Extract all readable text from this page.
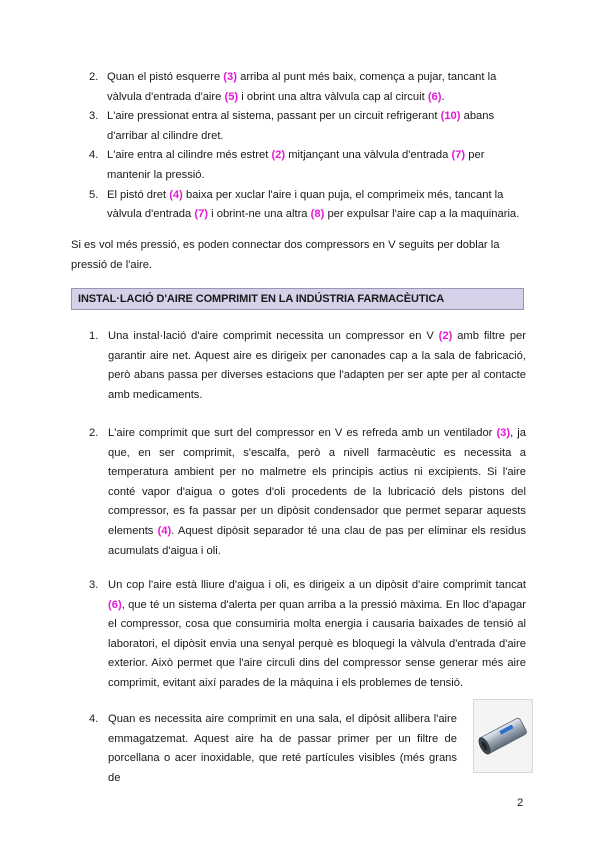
2. Quan el pistó esquerre (3) arriba al punt més baix, comença a pujar, tancant la vàlvula d'entrada d'aire (5) i obrint una altra vàlvula cap al circuit (6).
3. L'aire pressionat entra al sistema, passant per un circuit refrigerant (10) abans d'arribar al cilindre dret.
4. L'aire entra al cilindre més estret (2) mitjançant una vàlvula d'entrada (7) per mantenir la pressió.
5. El pistó dret (4) baixa per xuclar l'aire i quan puja, el comprimeix més, tancant la vàlvula d'entrada (7) i obrint-ne una altra (8) per expulsar l'aire cap a la maquinaria.

Si es vol més pressió, es poden connectar dos compressors en V seguits per doblar la pressió de l'aire.

INSTAL·LACIÓ D'AIRE COMPRIMIT EN LA INDÚSTRIA FARMACÈUTICA
1. Una instal·lació d'aire comprimit necessita un compressor en V (2) amb filtre per garantir aire net. Aquest aire es dirigeix per canonades cap a la sala de fabricació, però abans passa per diverses estacions que l'adapten per ser apte per al contacte amb medicaments.
2. L'aire comprimit que surt del compressor en V es refreda amb un ventilador (3), ja que, en ser comprimit, s'escalfa, però a nivell farmacèutic es necessita a temperatura ambient per no malmetre els principis actius ni excipients. Si l'aire conté vapor d'aigua o gotes d'oli procedents de la lubricació dels pistons del compressor, es fa passar per un dipòsit condensador que permet separar aquests elements (4). Aquest dipòsit separador té una clau de pas per eliminar els residus acumulats d'aigua i oli.
3. Un cop l'aire està lliure d'aigua i oli, es dirigeix a un dipòsit d'aire comprimit tancat (6), que té un sistema d'alerta per quan arriba a la pressió màxima. En lloc d'apagar el compressor, cosa que consumiria molta energia i causaria baixades de tensió al laboratori, el dipòsit envia una senyal perquè es bloquegi la vàlvula d'entrada d'aire exterior. Això permet que l'aire circuli dins del compressor sense generar més aire comprimit, evitant així parades de la màquina i els problemes de tensió.
4. Quan es necessita aire comprimit en una sala, el dipòsit allibera l'aire emmagatzemat. Aquest aire ha de passar primer per un filtre de porcellana o acer inoxidable, que reté partícules visibles (més grans de
2
